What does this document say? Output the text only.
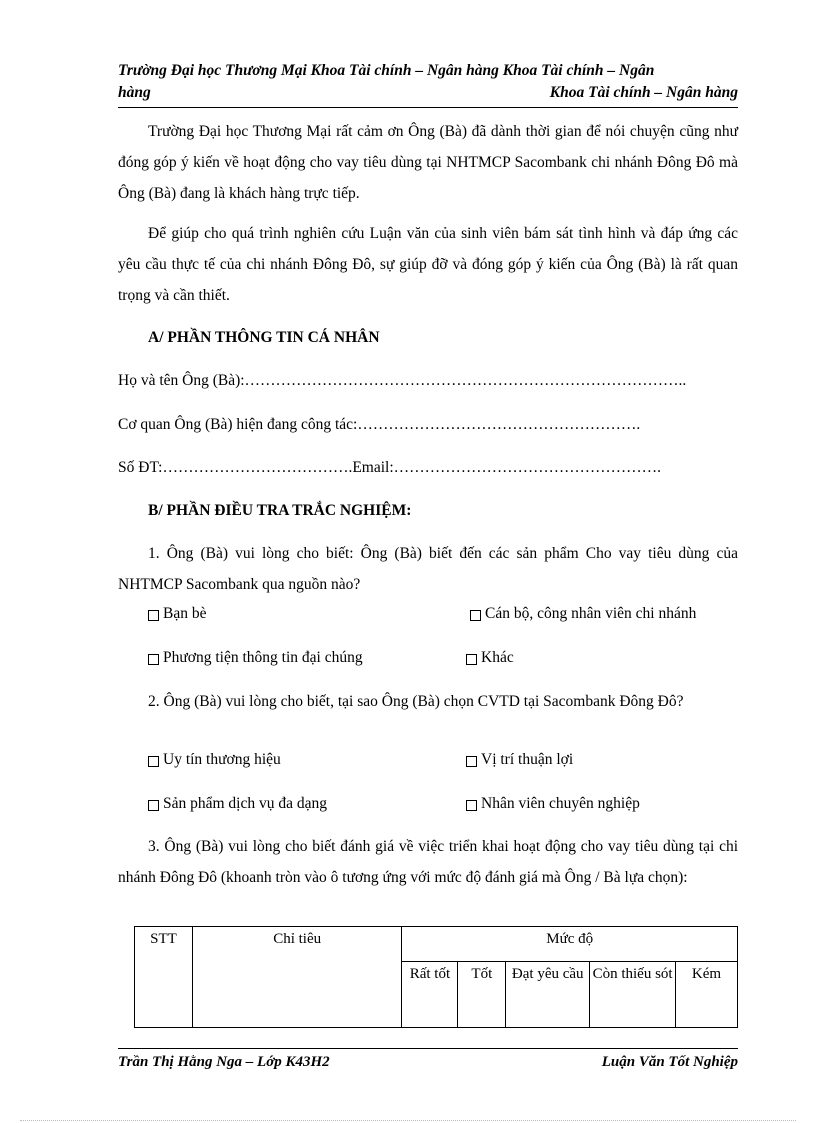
Trường Đại học Thương Mại Khoa Tài chính – Ngân hàng Khoa Tài chính – Ngân
hàng	Khoa Tài chính – Ngân hàng

Trường Đại học Thương Mại rất cảm ơn Ông (Bà) đã dành thời gian để nói chuyện cũng như đóng góp ý kiến về hoạt động cho vay tiêu dùng tại NHTMCP Sacombank chi nhánh Đông Đô mà Ông (Bà) đang là khách hàng trực tiếp.

Để giúp cho quá trình nghiên cứu Luận văn của sinh viên bám sát tình hình và đáp ứng các yêu cầu thực tế của chi nhánh Đông Đô, sự giúp đỡ và đóng góp ý kiến của Ông (Bà) là rất quan trọng và cần thiết.

A/ PHẦN THÔNG TIN CÁ NHÂN

Họ và tên Ông (Bà):…………………………………………………………………………..

Cơ quan Ông (Bà) hiện đang công tác:……………………………………………….

Số ĐT:……………………………….Email:…………………………………………….

B/ PHẦN ĐIỀU TRA TRẮC NGHIỆM:

1. Ông (Bà) vui lòng cho biết: Ông (Bà) biết đến các sản phẩm Cho vay tiêu dùng của NHTMCP Sacombank qua nguồn nào?

Bạn bè	Cán bộ, công nhân viên chi nhánh
Phương tiện thông tin đại chúng	Khác

2. Ông (Bà) vui lòng cho biết, tại sao Ông (Bà) chọn CVTD tại Sacombank Đông Đô?

Uy tín thương hiệu	Vị trí thuận lợi
Sản phẩm dịch vụ đa dạng	Nhân viên chuyên nghiệp

3. Ông (Bà) vui lòng cho biết đánh giá về việc triển khai hoạt động cho vay tiêu dùng tại chi nhánh Đông Đô (khoanh tròn vào ô tương ứng với mức độ đánh giá mà Ông / Bà lựa chọn):

STT	Chỉ tiêu	Mức độ				
		Rất tốt	Tốt	Đạt yêu cầu	Còn thiếu sót	Kém
Trần Thị Hằng Nga – Lớp K43H2	Luận Văn Tốt Nghiệp
